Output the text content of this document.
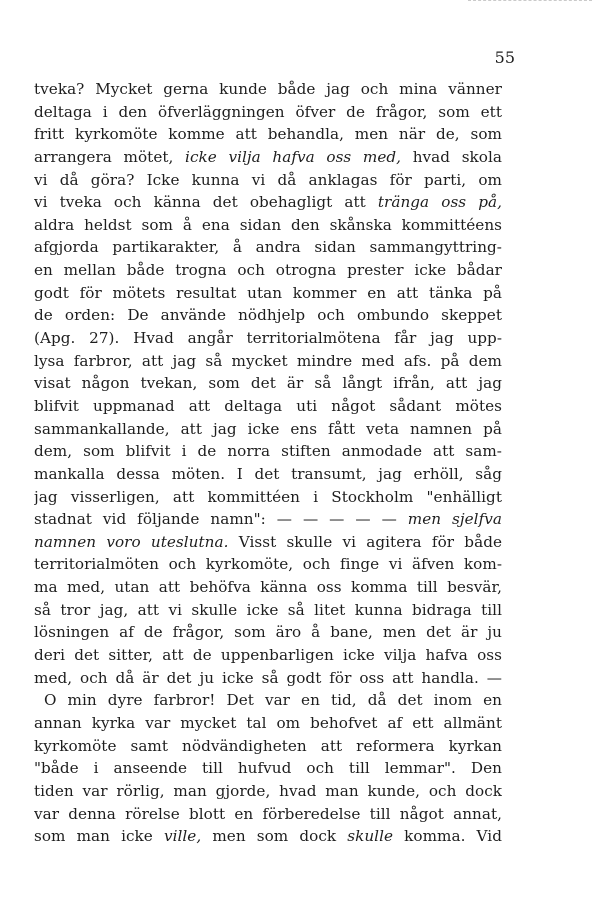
55
tveka? Mycket gerna kunde både jag och mina vänner
deltaga i den öfverläggningen öfver de frågor, som ett
fritt kyrkomöte komme att behandla, men när de, som
arrangera mötet, icke vilja hafva oss med, hvad skola
vi då göra? Icke kunna vi då anklagas för parti, om
vi tveka och känna det obehagligt att tränga oss på,
aldra heldst som å ena sidan den skånska kommittéens
afgjorda partikarakter, å andra sidan sammangyttring-
en mellan både trogna och otrogna prester icke bådar
godt för mötets resultat utan kommer en att tänka på
de orden: De använde nödhjelp och ombundo skeppet
(Apg. 27). Hvad angår territorialmötena får jag upp-
lysa farbror, att jag så mycket mindre med afs. på dem
visat någon tvekan, som det är så långt ifrån, att jag
blifvit uppmanad att deltaga uti något sådant mötes
sammankallande, att jag icke ens fått veta namnen på
dem, som blifvit i de norra stiften anmodade att sam-
mankalla dessa möten. I det transumt, jag erhöll, såg
jag visserligen, att kommittéen i Stockholm "enhälligt
stadnat vid följande namn": — — — — — men sjelfva
namnen voro uteslutna. Visst skulle vi agitera för både
territorialmöten och kyrkomöte, och finge vi äfven kom-
ma med, utan att behöfva känna oss komma till besvär,
så tror jag, att vi skulle icke så litet kunna bidraga till
lösningen af de frågor, som äro å bane, men det är ju
deri det sitter, att de uppenbarligen icke vilja hafva oss
med, och då är det ju icke så godt för oss att handla. —
O min dyre farbror! Det var en tid, då det inom en
annan kyrka var mycket tal om behofvet af ett allmänt
kyrkomöte samt nödvändigheten att reformera kyrkan
"både i anseende till hufvud och till lemmar". Den
tiden var rörlig, man gjorde, hvad man kunde, och dock
var denna rörelse blott en förberedelse till något annat,
som man icke ville, men som dock skulle komma. Vid
